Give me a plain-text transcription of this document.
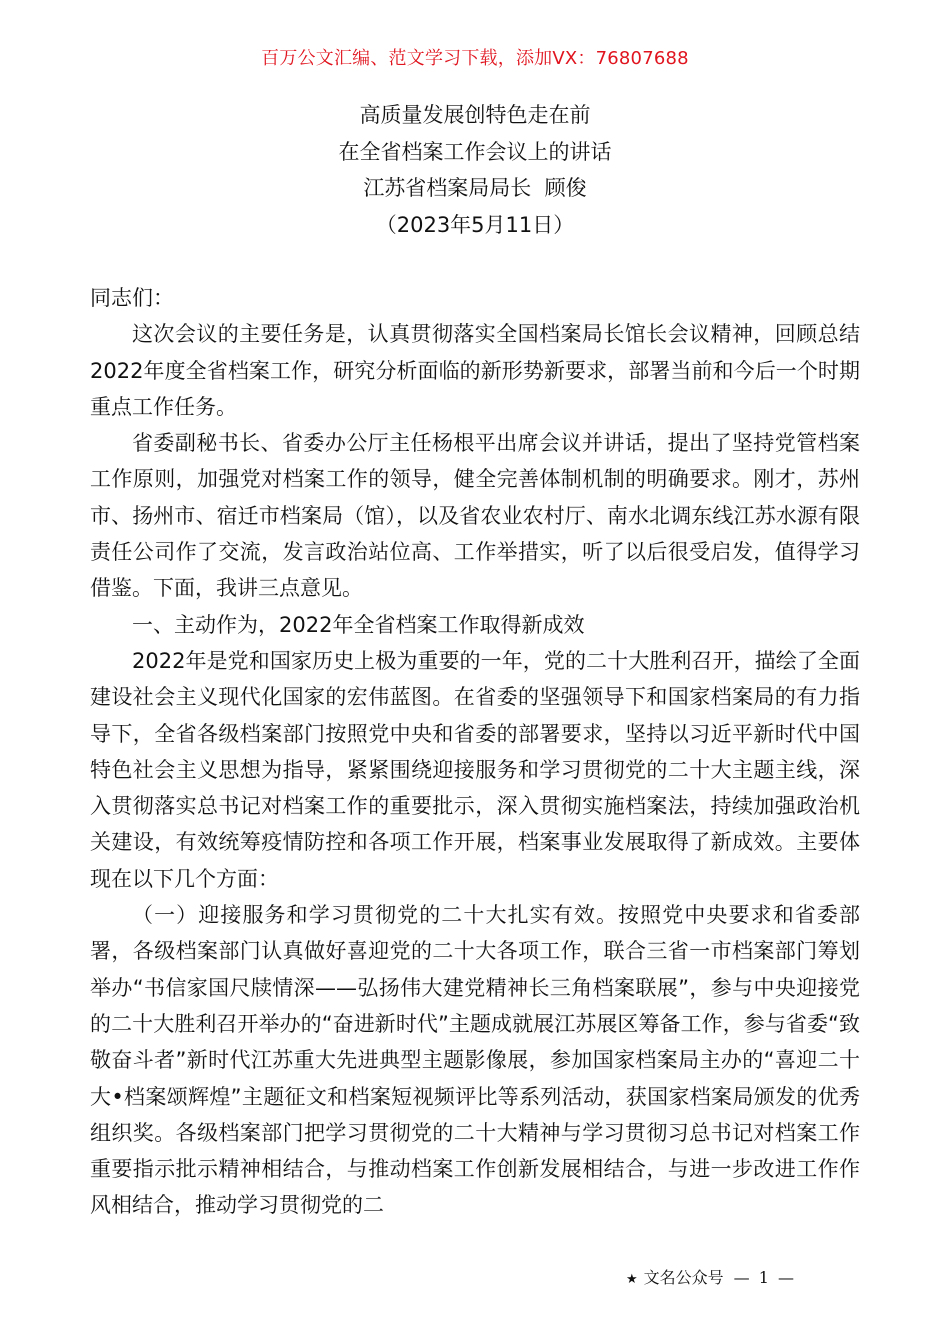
百万公文汇编、范文学习下载，添加VX：76807688
高质量发展创特色走在前
在全省档案工作会议上的讲话
江苏省档案局局长  顾俊
（2023年5月11日）

同志们：

这次会议的主要任务是，认真贯彻落实全国档案局长馆长会议精神，回顾总结2022年度全省档案工作，研究分析面临的新形势新要求，部署当前和今后一个时期重点工作任务。

省委副秘书长、省委办公厅主任杨根平出席会议并讲话，提出了坚持党管档案工作原则，加强党对档案工作的领导，健全完善体制机制的明确要求。刚才，苏州市、扬州市、宿迁市档案局（馆），以及省农业农村厅、南水北调东线江苏水源有限责任公司作了交流，发言政治站位高、工作举措实，听了以后很受启发，值得学习借鉴。下面，我讲三点意见。

一、主动作为，2022年全省档案工作取得新成效

2022年是党和国家历史上极为重要的一年，党的二十大胜利召开，描绘了全面建设社会主义现代化国家的宏伟蓝图。在省委的坚强领导下和国家档案局的有力指导下，全省各级档案部门按照党中央和省委的部署要求，坚持以习近平新时代中国特色社会主义思想为指导，紧紧围绕迎接服务和学习贯彻党的二十大主题主线，深入贯彻落实总书记对档案工作的重要批示，深入贯彻实施档案法，持续加强政治机关建设，有效统筹疫情防控和各项工作开展，档案事业发展取得了新成效。主要体现在以下几个方面：

（一）迎接服务和学习贯彻党的二十大扎实有效。按照党中央要求和省委部署，各级档案部门认真做好喜迎党的二十大各项工作，联合三省一市档案部门筹划举办“书信家国尺牍情深——弘扬伟大建党精神长三角档案联展”，参与中央迎接党的二十大胜利召开举办的“奋进新时代”主题成就展江苏展区筹备工作，参与省委“致敬奋斗者”新时代江苏重大先进典型主题影像展，参加国家档案局主办的“喜迎二十大•档案颂辉煌”主题征文和档案短视频评比等系列活动，获国家档案局颁发的优秀组织奖。各级档案部门把学习贯彻党的二十大精神与学习贯彻习总书记对档案工作重要指示批示精神相结合，与推动档案工作创新发展相结合，与进一步改进工作作风相结合，推动学习贯彻党的二

★ 文名公众号 — 1 —
